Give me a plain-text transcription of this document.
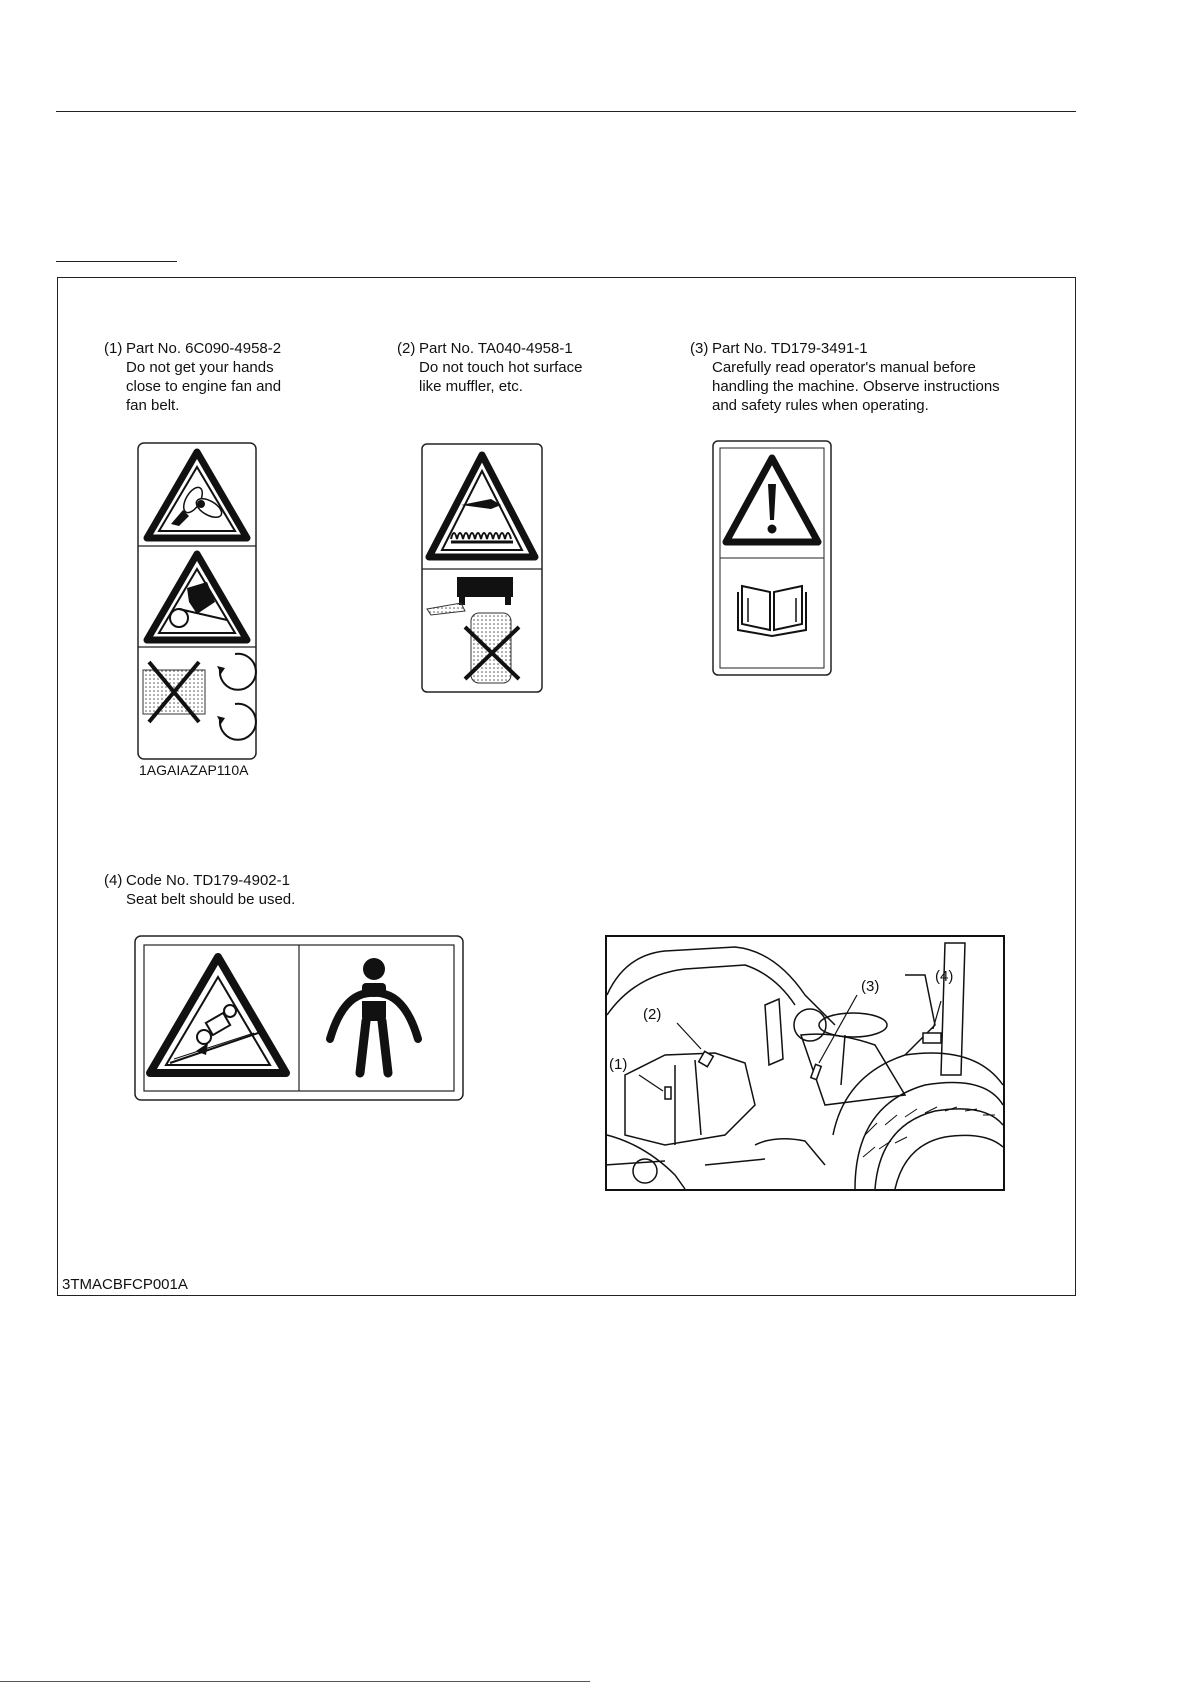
(1) Part No. 6C090-4958-2
Do not get your hands
close to engine fan and
fan belt.
(2) Part No. TA040-4958-1
Do not touch hot surface
like muffler, etc.
(3) Part No. TD179-3491-1
Carefully read operator's manual before
handling the machine. Observe instructions
and safety rules when operating.
(4) Code No. TD179-4902-1
Seat belt should be used.
1AGAIAZAP110A
(1)
(2)
(3)
(4)
3TMACBFCP001A
